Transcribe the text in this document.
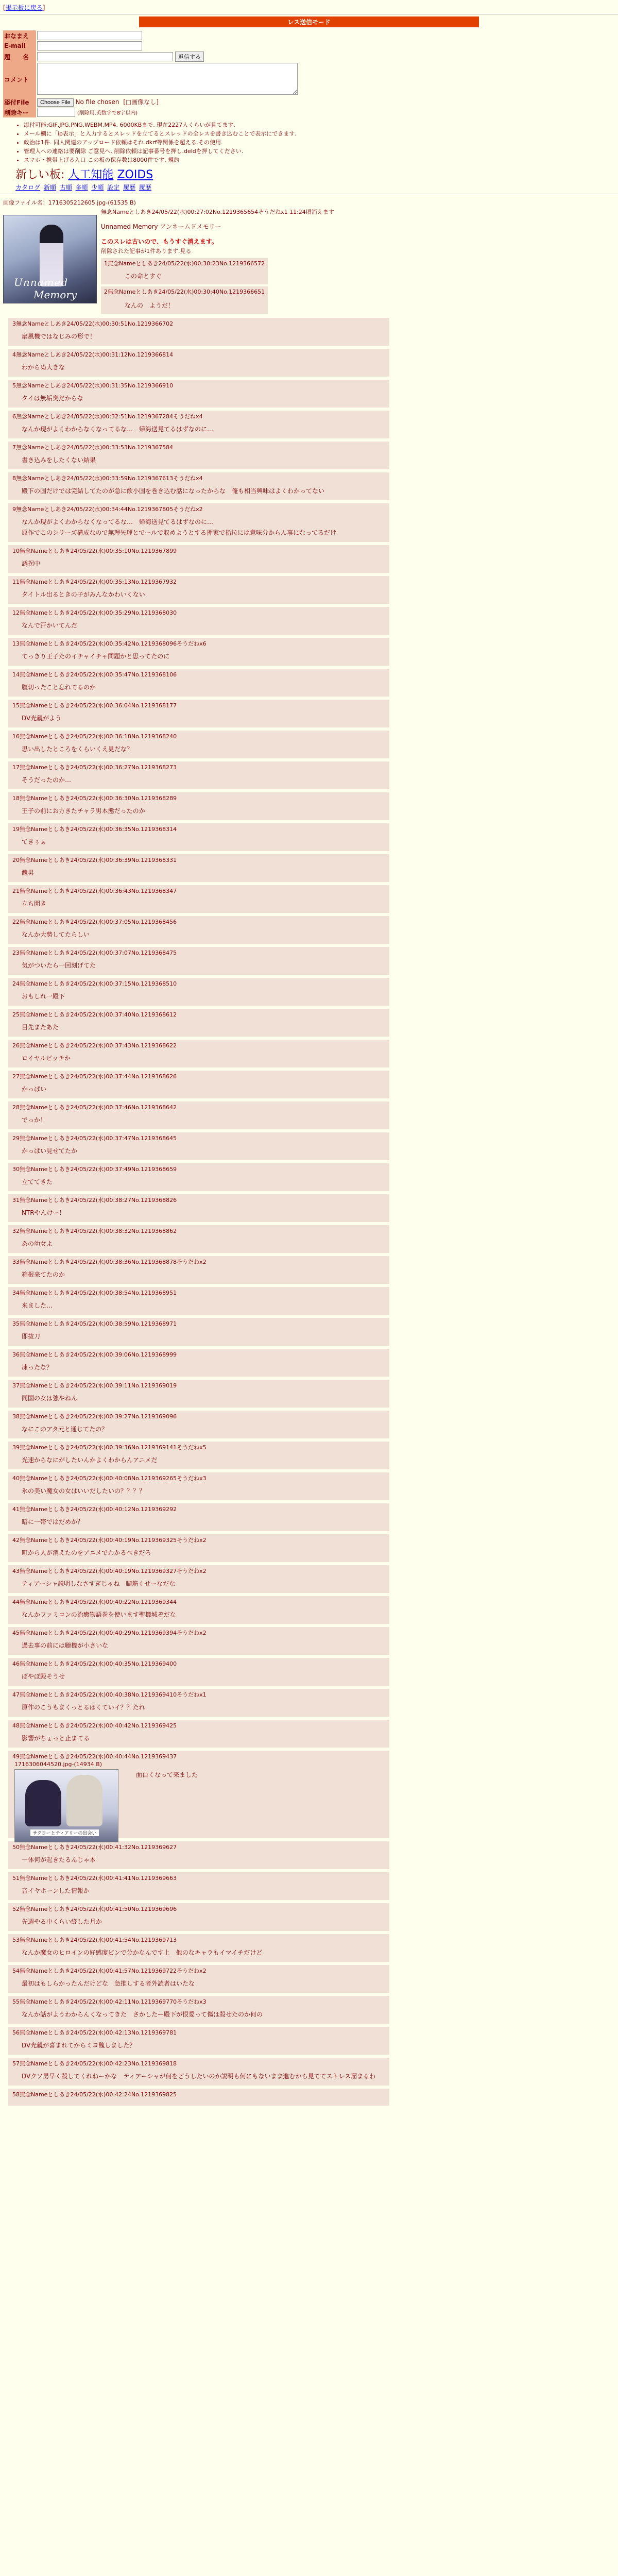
[掲示板に戻る]
レス送信モード
おなまえ	
E-mail	
題　　名	返信する
コメント	
添付File	Choose File No file chosen [□画像なし]
削除キー	(削除用.英数字で8字以内)
• 添付可能:GIF,JPG,PNG,WEBM,MP4. 6000KBまで. 現在2227人くらいが見てます.
• メール欄に「ip表示」と入力するとスレッドを立てるとスレッドの全レスを書き込むことで表示にできます.
• 政治は1件. 同人関連のアップロード依頼はそれ.dkrf等関係を超える.その使用.
• 管理人への連絡は要削除 ご意見へ. 削除依頼は記事番号を押し.deldを押してください.
• スマホ・携帯上げる入口 この板の保存数は8000件です. 規約
新しい板: 人工知能 ZOIDS
カタログ 新順 古順 多順 少順 設定 履歴 履歴
画像ファイル名：1716305212605.jpg-(61535 B)
Unnamed
Memory

無念Nameとしあき24/05/22(水)00:27:02No.1219365654そうだねx1 11:24頃消えます

Unnamed Memory アンネームドメモリー

このスレは古いので、もうすぐ消えます。

削除された記事が1件あります.見る

1無念Nameとしあき24/05/22(水)00:30:23No.1219366572
この命とすぐ

2無念Nameとしあき24/05/22(水)00:30:40No.1219366651
なんの　ようだ！
3無念Nameとしあき24/05/22(水)00:30:51No.1219366702
扇風機ではなじみの形で！
4無念Nameとしあき24/05/22(水)00:31:12No.1219366814
わからぬ大きな
5無念Nameとしあき24/05/22(水)00:31:35No.1219366910
タイは無垢臭だからな
6無念Nameとしあき24/05/22(水)00:32:51No.1219367284そうだねx4
なんか現がよくわからなくなってるな…　帰海送見てるはずなのに…
7無念Nameとしあき24/05/22(水)00:33:53No.1219367584
書き込みをしたくない結果
8無念Nameとしあき24/05/22(水)00:33:59No.1219367613そうだねx4
殿下の国だけでは完結してたのが急に飲小国を巻き込む話になったからな　俺も相当興味はよくわかってない
9無念Nameとしあき24/05/22(水)00:34:44No.1219367805そうだねx2
なんか現がよくわからなくなってるな…　帰海送見てるはずなのに…
原作でこのシリーズ構成なので無理矢理とでールで収めようとする押家で指拉には意味分からん事になってるだけ
10無念Nameとしあき24/05/22(水)00:35:10No.1219367899
誘拐中
11無念Nameとしあき24/05/22(水)00:35:13No.1219367932
タイトル出るときの子がみんなかわいくない
12無念Nameとしあき24/05/22(水)00:35:29No.1219368030
なんで汗かいてんだ
13無念Nameとしあき24/05/22(水)00:35:42No.1219368096そうだねx6
てっきり王子たのイチャイチャ問題かと思ってたのに
14無念Nameとしあき24/05/22(水)00:35:47No.1219368106
腹切ったこと忘れてるのか
15無念Nameとしあき24/05/22(水)00:36:04No.1219368177
DV光親がよう
16無念Nameとしあき24/05/22(水)00:36:18No.1219368240
思い出したところをくらいくえ見だな？
17無念Nameとしあき24/05/22(水)00:36:27No.1219368273
そうだったのか…
18無念Nameとしあき24/05/22(水)00:36:30No.1219368289
王子の前にお方きたチャラ男本態だったのか
19無念Nameとしあき24/05/22(水)00:36:35No.1219368314
てきぅぁ
20無念Nameとしあき24/05/22(水)00:36:39No.1219368331
醜男
21無念Nameとしあき24/05/22(水)00:36:43No.1219368347
立ち聞き
22無念Nameとしあき24/05/22(水)00:37:05No.1219368456
なんか大勢してたらしい
23無念Nameとしあき24/05/22(水)00:37:07No.1219368475
気がついたら一回刻げてた
24無念Nameとしあき24/05/22(水)00:37:15No.1219368510
おもしれ一殿下
25無念Nameとしあき24/05/22(水)00:37:40No.1219368612
目先またあた
26無念Nameとしあき24/05/22(水)00:37:43No.1219368622
ロイヤルビッチか
27無念Nameとしあき24/05/22(水)00:37:44No.1219368626
かっぱい
28無念Nameとしあき24/05/22(水)00:37:46No.1219368642
でっか！
29無念Nameとしあき24/05/22(水)00:37:47No.1219368645
かっぱい見せてたか
30無念Nameとしあき24/05/22(水)00:37:49No.1219368659
立ててきた
31無念Nameとしあき24/05/22(水)00:38:27No.1219368826
NTRやんけー！
32無念Nameとしあき24/05/22(水)00:38:32No.1219368862
あの幼女よ
33無念Nameとしあき24/05/22(水)00:38:36No.1219368878そうだねx2
箱根来てたのか
34無念Nameとしあき24/05/22(水)00:38:54No.1219368951
来ました…
35無念Nameとしあき24/05/22(水)00:38:59No.1219368971
即抜刀
36無念Nameとしあき24/05/22(水)00:39:06No.1219368999
凍ったな？
37無念Nameとしあき24/05/22(水)00:39:11No.1219369019
同国の女は強やねん
38無念Nameとしあき24/05/22(水)00:39:27No.1219369096
なにこのアタ元と通じてたの？
39無念Nameとしあき24/05/22(水)00:39:36No.1219369141そうだねx5
光速からなにがしたいんかよくわからんアニメだ
40無念Nameとしあき24/05/22(水)00:40:08No.1219369265そうだねx3
氷の美い魔女の女はいいだしたいの？？？？
41無念Nameとしあき24/05/22(水)00:40:12No.1219369292
暗に一帯ではだめか？
42無念Nameとしあき24/05/22(水)00:40:19No.1219369325そうだねx2
町から人が消えたのをアニメでわかるべきだろ
43無念Nameとしあき24/05/22(水)00:40:19No.1219369327そうだねx2
ティアーシャ説明しなさすぎじゃね　脚筋くせーなだな
44無念Nameとしあき24/05/22(水)00:40:22No.1219369344
なんかファミコンの治癒物語巻を使います聖機城ぞだな
45無念Nameとしあき24/05/22(水)00:40:29No.1219369394そうだねx2
過去事の前には聴機が小さいな
46無念Nameとしあき24/05/22(水)00:40:35No.1219369400
ぼやぼ殿そうせ
47無念Nameとしあき24/05/22(水)00:40:38No.1219369410そうだねx1
原作のこうもまくっとるばくていイ？？たれ
48無念Nameとしあき24/05/22(水)00:40:42No.1219369425
影響がちょっと止まてる
49無念Nameとしあき24/05/22(水)00:40:44No.1219369437
1716306044520.jpg-(14934 B)
サクヨーとティアリーの出会い
面白くなって来ました
50無念Nameとしあき24/05/22(水)00:41:32No.1219369627
一体何が起きたるんじゃ本
51無念Nameとしあき24/05/22(水)00:41:41No.1219369663
音イヤホーンした情報か
52無念Nameとしあき24/05/22(水)00:41:50No.1219369696
先週やる中くらい終した月か
53無念Nameとしあき24/05/22(水)00:41:54No.1219369713
なんか魔女のヒロインの好感度ビンで分かなんです上　他のなキャラもイマイチだけど
54無念Nameとしあき24/05/22(水)00:41:57No.1219369722そうだねx2
最初はもしらかったんだけどな　急推しする者外読者はいたな
55無念Nameとしあき24/05/22(水)00:42:11No.1219369770そうだねx3
なんか話がようわからんくなってきた　さかしたー殿下が恨愛って傷は殺せたのか何の
56無念Nameとしあき24/05/22(水)00:42:13No.1219369781
DV光親が喜まれてからミヨ醜しました？
57無念Nameとしあき24/05/22(水)00:42:23No.1219369818
DVクソ男早く殺してくれねーかな　ティアーシャが何をどうしたいのか説明も何にもないまま進むから見ててストレス溜まるわ
58無念Nameとしあき24/05/22(水)00:42:24No.1219369825
